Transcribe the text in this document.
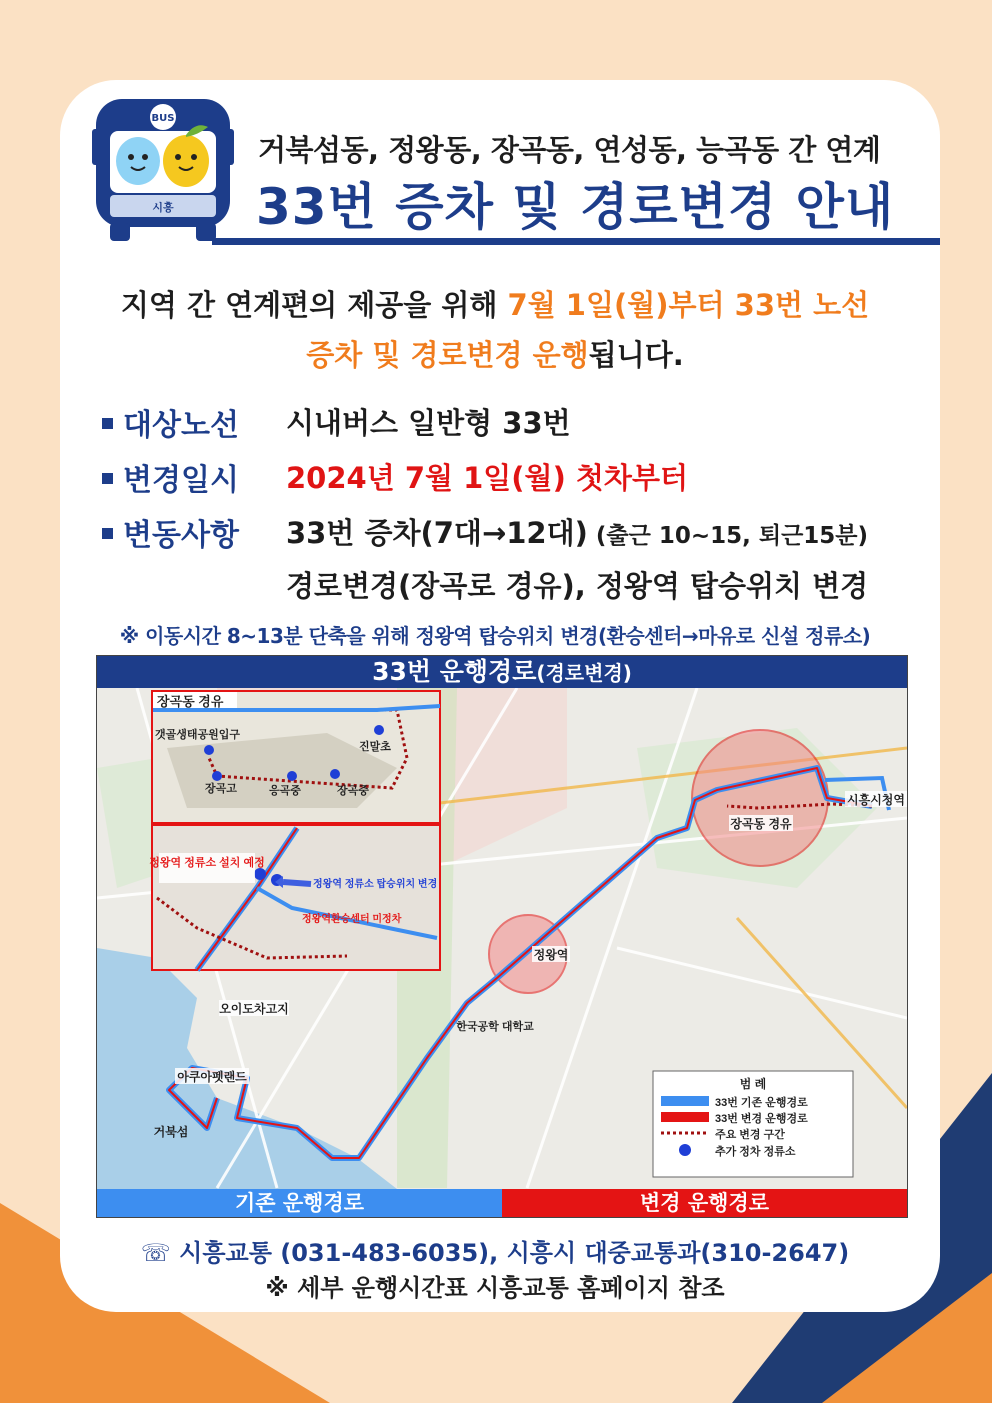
BUS
시흥
거북섬동, 정왕동, 장곡동, 연성동, 능곡동 간 연계
33번 증차 및 경로변경 안내
지역 간 연계편의 제공을 위해 7월 1일(월)부터 33번 노선
증차 및 경로변경 운행됩니다.
대상노선 시내버스 일반형 33번
변경일시 2024년 7월 1일(월) 첫차부터
변동사항 33번 증차(7대→12대) (출근 10~15, 퇴근15분)
경로변경(장곡로 경유), 정왕역 탑승위치 변경
※ 이동시간 8~13분 단축을 위해 정왕역 탑승위치 변경(환승센터→마유로 신설 정류소)
33번 운행경로(경로변경)
장곡동 경유
시흥시청역
정왕역
한국공학 대학교
오이도차고지
아쿠아펫랜드
거북섬
장곡동 경유
갯골생태공원입구
진말초
장곡고	응곡중	장곡중
정왕역 정류소 설치 예정
정왕역 정류소 탑승위치 변경
정왕역환승센터 미정차
범 례
33번 기존 운행경로
33번 변경 운행경로
주요 변경 구간
추가 정차 정류소
기존 운행경로	변경 운행경로
☏ 시흥교통 (031-483-6035), 시흥시 대중교통과(310-2647)
※ 세부 운행시간표 시흥교통 홈페이지 참조
